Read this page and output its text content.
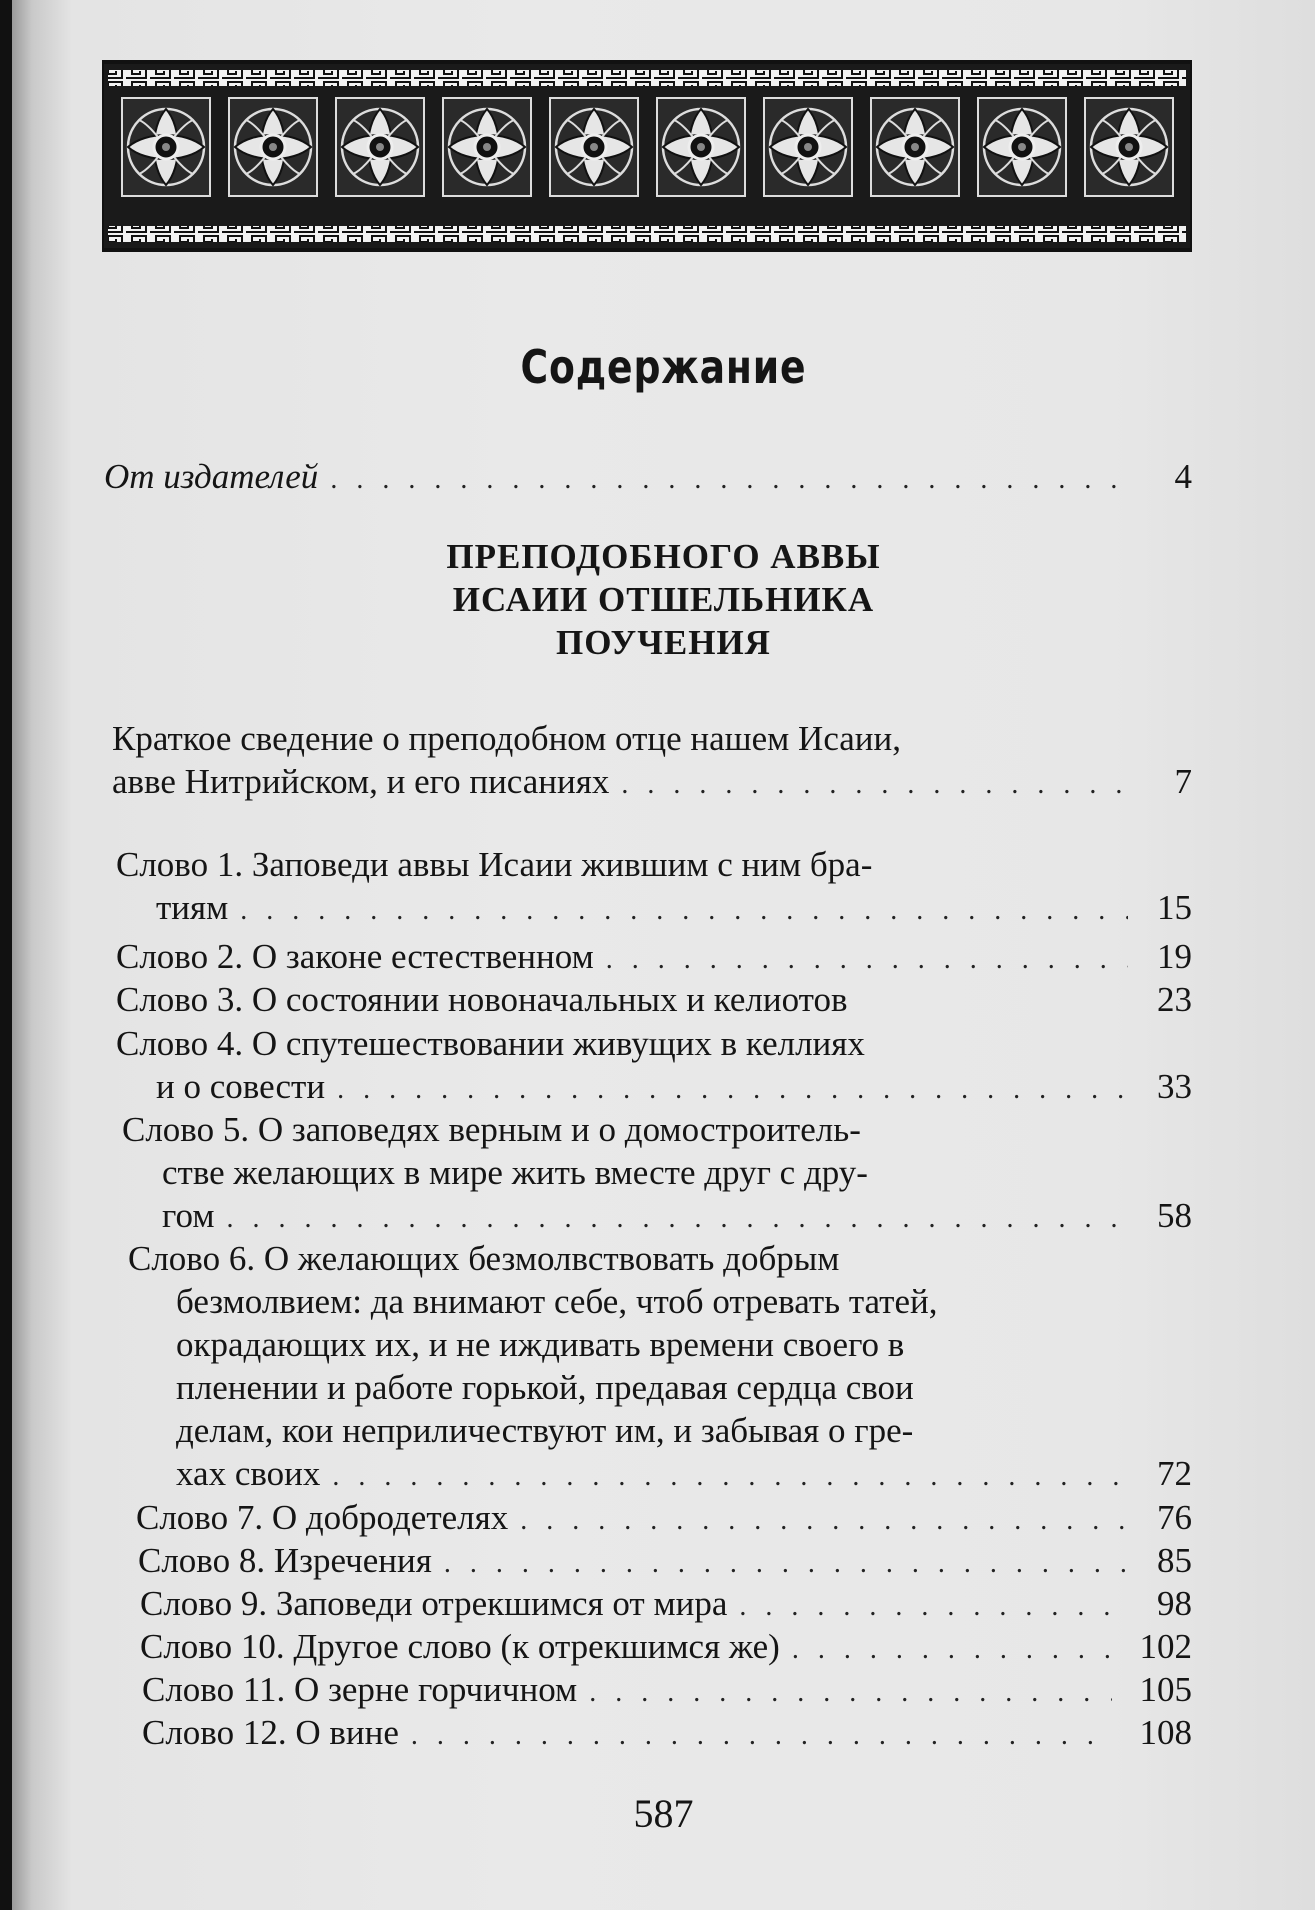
Содержание
От издателей . . .	4
ПРЕПОДОБНОГО АВВЫ
ИСАИИ ОТШЕЛЬНИКА
ПОУЧЕНИЯ
Краткое сведение о преподобном отце нашем Исаии,
авве Нитрийском, и его писаниях . . .	7
Слово 1. Заповеди аввы Исаии жившим с ним бра-
тиям . . .	15
Слово 2. О законе естественном . . .	19
Слово 3. О состоянии новоначальных и келиотов	23
Слово 4. О спутешествовании живущих в келлиях
и о совести . . .	33
Слово 5. О заповедях верным и о домостроитель-
стве желающих в мире жить вместе друг с дру-
гом . . .	58
Слово 6. О желающих безмолвствовать добрым
безмолвием: да внимают себе, чтоб отревать татей,
окрадающих их, и не иждивать времени своего в
пленении и работе горькой, предавая сердца свои
делам, кои неприличествуют им, и забывая о гре-
хах своих . . .	72
Слово 7. О добродетелях . . .	76
Слово 8. Изречения . . .	85
Слово 9. Заповеди отрекшимся от мира . . .	98
Слово 10. Другое слово (к отрекшимся же) . . .	102
Слово 11. О зерне горчичном . . .	105
Слово 12. О вине . . .	108
587
